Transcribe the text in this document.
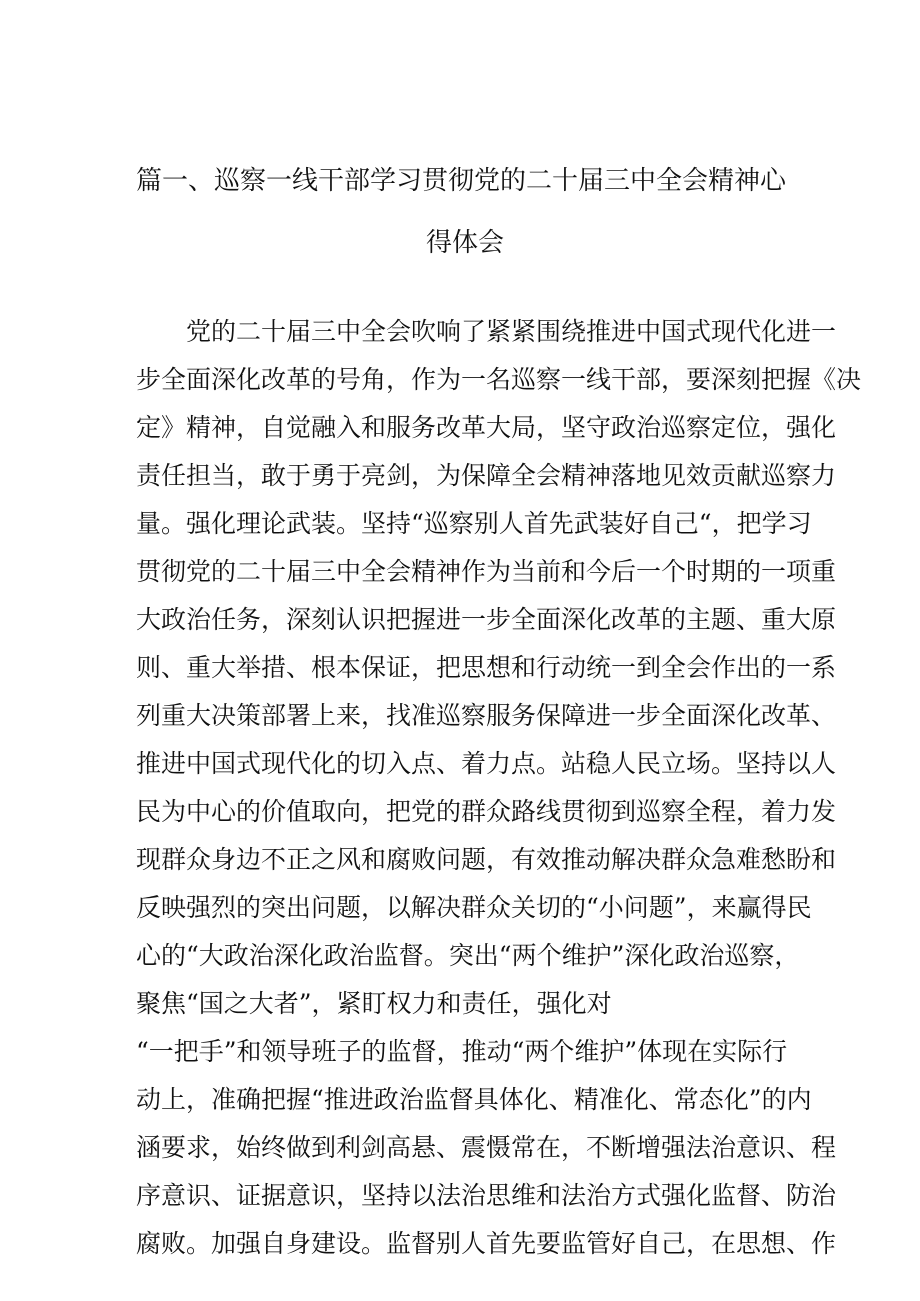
篇一、巡察一线干部学习贯彻党的二十届三中全会精神心
得体会
　　党的二十届三中全会吹响了紧紧围绕推进中国式现代化进一
步全面深化改革的号角，作为一名巡察一线干部，要深刻把握《决
定》精神，自觉融入和服务改革大局，坚守政治巡察定位，强化
责任担当，敢于勇于亮剑，为保障全会精神落地见效贡献巡察力
量。强化理论武装。坚持“巡察别人首先武装好自己“，把学习
贯彻党的二十届三中全会精神作为当前和今后一个时期的一项重
大政治任务，深刻认识把握进一步全面深化改革的主题、重大原
则、重大举措、根本保证，把思想和行动统一到全会作出的一系
列重大决策部署上来，找准巡察服务保障进一步全面深化改革、
推进中国式现代化的切入点、着力点。站稳人民立场。坚持以人
民为中心的价值取向，把党的群众路线贯彻到巡察全程，着力发
现群众身边不正之风和腐败问题，有效推动解决群众急难愁盼和
反映强烈的突出问题，以解决群众关切的“小问题”，来赢得民
心的“大政治深化政治监督。突出“两个维护”深化政治巡察，
聚焦“国之大者”，紧盯权力和责任，强化对
“一把手”和领导班子的监督，推动“两个维护”体现在实际行
动上，准确把握“推进政治监督具体化、精准化、常态化”的内
涵要求，始终做到利剑高悬、震慑常在，不断增强法治意识、程
序意识、证据意识，坚持以法治思维和法治方式强化监督、防治
腐败。加强自身建设。监督别人首先要监管好自己，在思想、作
